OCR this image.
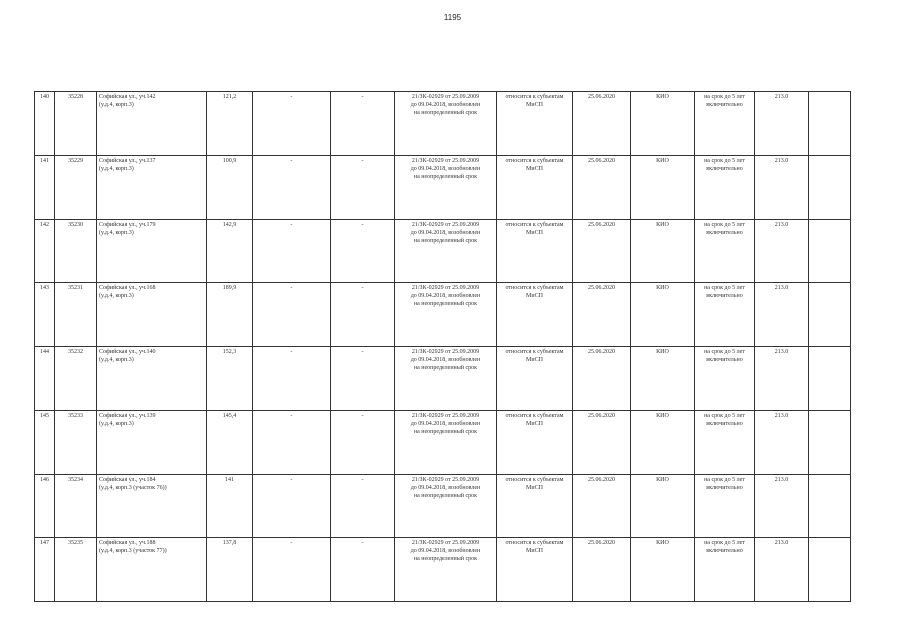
1195
140	35228	Софийская ул., уч.142
(у.д.4, корп.3)	121,2	-	-	21/ЗК-02929 от 25.09.2009
до 09.04.2018, возобновлен
на неопределенный срок	относится к субъектам
МиСП	25.06.2020	КИО	на срок до 5 лет
включительно	213.0	
141	35229	Софийская ул., уч.137
(у.д.4, корп.3)	100,9	-	-	21/ЗК-02929 от 25.09.2009
до 09.04.2018, возобновлен
на неопределенный срок	относится к субъектам
МиСП	25.06.2020	КИО	на срок до 5 лет
включительно	213.0	
142	35230	Софийская ул., уч.179
(у.д.4, корп.3)	142,9	-	-	21/ЗК-02929 от 25.09.2009
до 09.04.2018, возобновлен
на неопределенный срок	относится к субъектам
МиСП	25.06.2020	КИО	на срок до 5 лет
включительно	213.0	
143	35231	Софийская ул., уч.168
(у.д.4, корп.3)	189,9	-	-	21/ЗК-02929 от 25.09.2009
до 09.04.2018, возобновлен
на неопределенный срок	относится к субъектам
МиСП	25.06.2020	КИО	на срок до 5 лет
включительно	213.0	
144	35232	Софийская ул., уч.140
(у.д.4, корп.3)	152,3	-	-	21/ЗК-02929 от 25.09.2009
до 09.04.2018, возобновлен
на неопределенный срок	относится к субъектам
МиСП	25.06.2020	КИО	на срок до 5 лет
включительно	213.0	
145	35233	Софийская ул., уч.139
(у.д.4, корп.3)	145,4	-	-	21/ЗК-02929 от 25.09.2009
до 09.04.2018, возобновлен
на неопределенный срок	относится к субъектам
МиСП	25.06.2020	КИО	на срок до 5 лет
включительно	213.0	
146	35234	Софийская ул., уч.184
(у.д.4, корп.3 (участок 76))	141	-	-	21/ЗК-02929 от 25.09.2009
до 09.04.2018, возобновлен
на неопределенный срок	относится к субъектам
МиСП	25.06.2020	КИО	на срок до 5 лет
включительно	213.0	
147	35235	Софийская ул., уч.188
(у.д.4, корп.3 (участок 77))	137,8	-	-	21/ЗК-02929 от 25.09.2009
до 09.04.2018, возобновлен
на неопределенный срок	относится к субъектам
МиСП	25.06.2020	КИО	на срок до 5 лет
включительно	213.0	
